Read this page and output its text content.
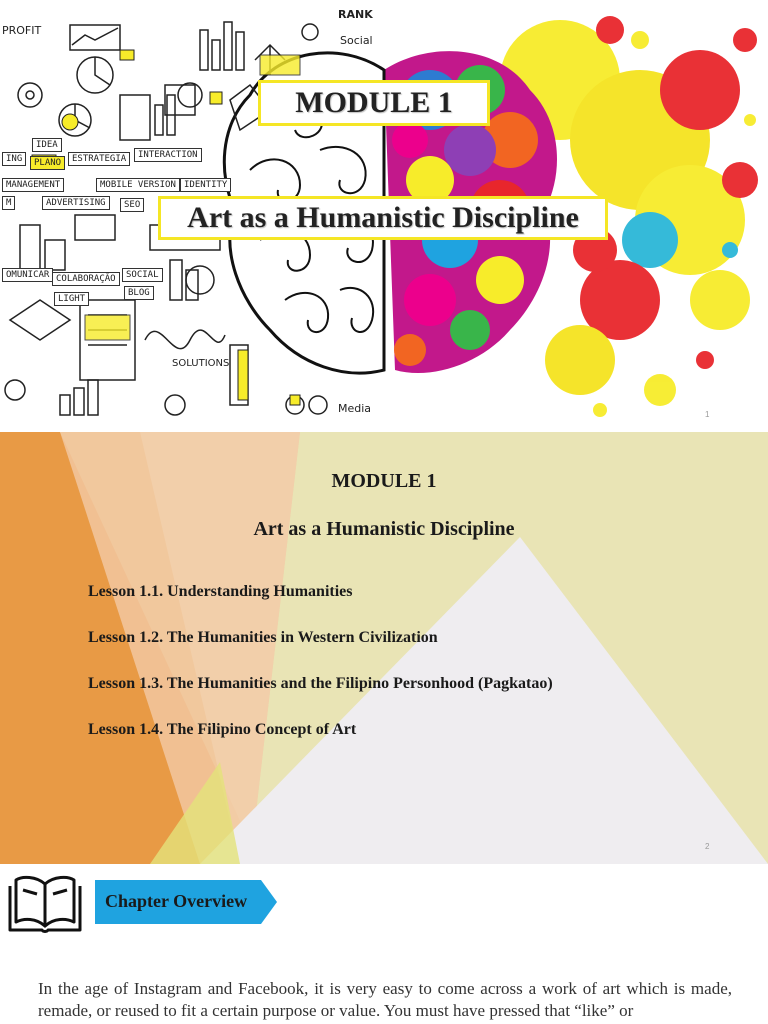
PROFIT
RANK
Social
IDEA
ING	PLANO	ESTRATEGIA	INTERACTION
MANAGEMENT	MOBILE VERSION IDENTITY
M	ADVERTISING	SEO
OMUNICAR COLABORAÇÃO	SOCIAL
BLOG
LIGHT
SOLUTIONS
Media
MODULE 1
Art as a Humanistic Discipline
1
MODULE 1
Art as a Humanistic Discipline
Lesson 1.1. Understanding Humanities
Lesson 1.2. The Humanities in Western Civilization
Lesson 1.3. The Humanities and the Filipino Personhood (Pagkatao)
Lesson 1.4. The Filipino Concept of Art
2
Chapter Overview

In the age of Instagram and Facebook, it is very easy to come across a work of art which is made, remade, or reused to fit a certain purpose or value. You must have pressed that “like” or
